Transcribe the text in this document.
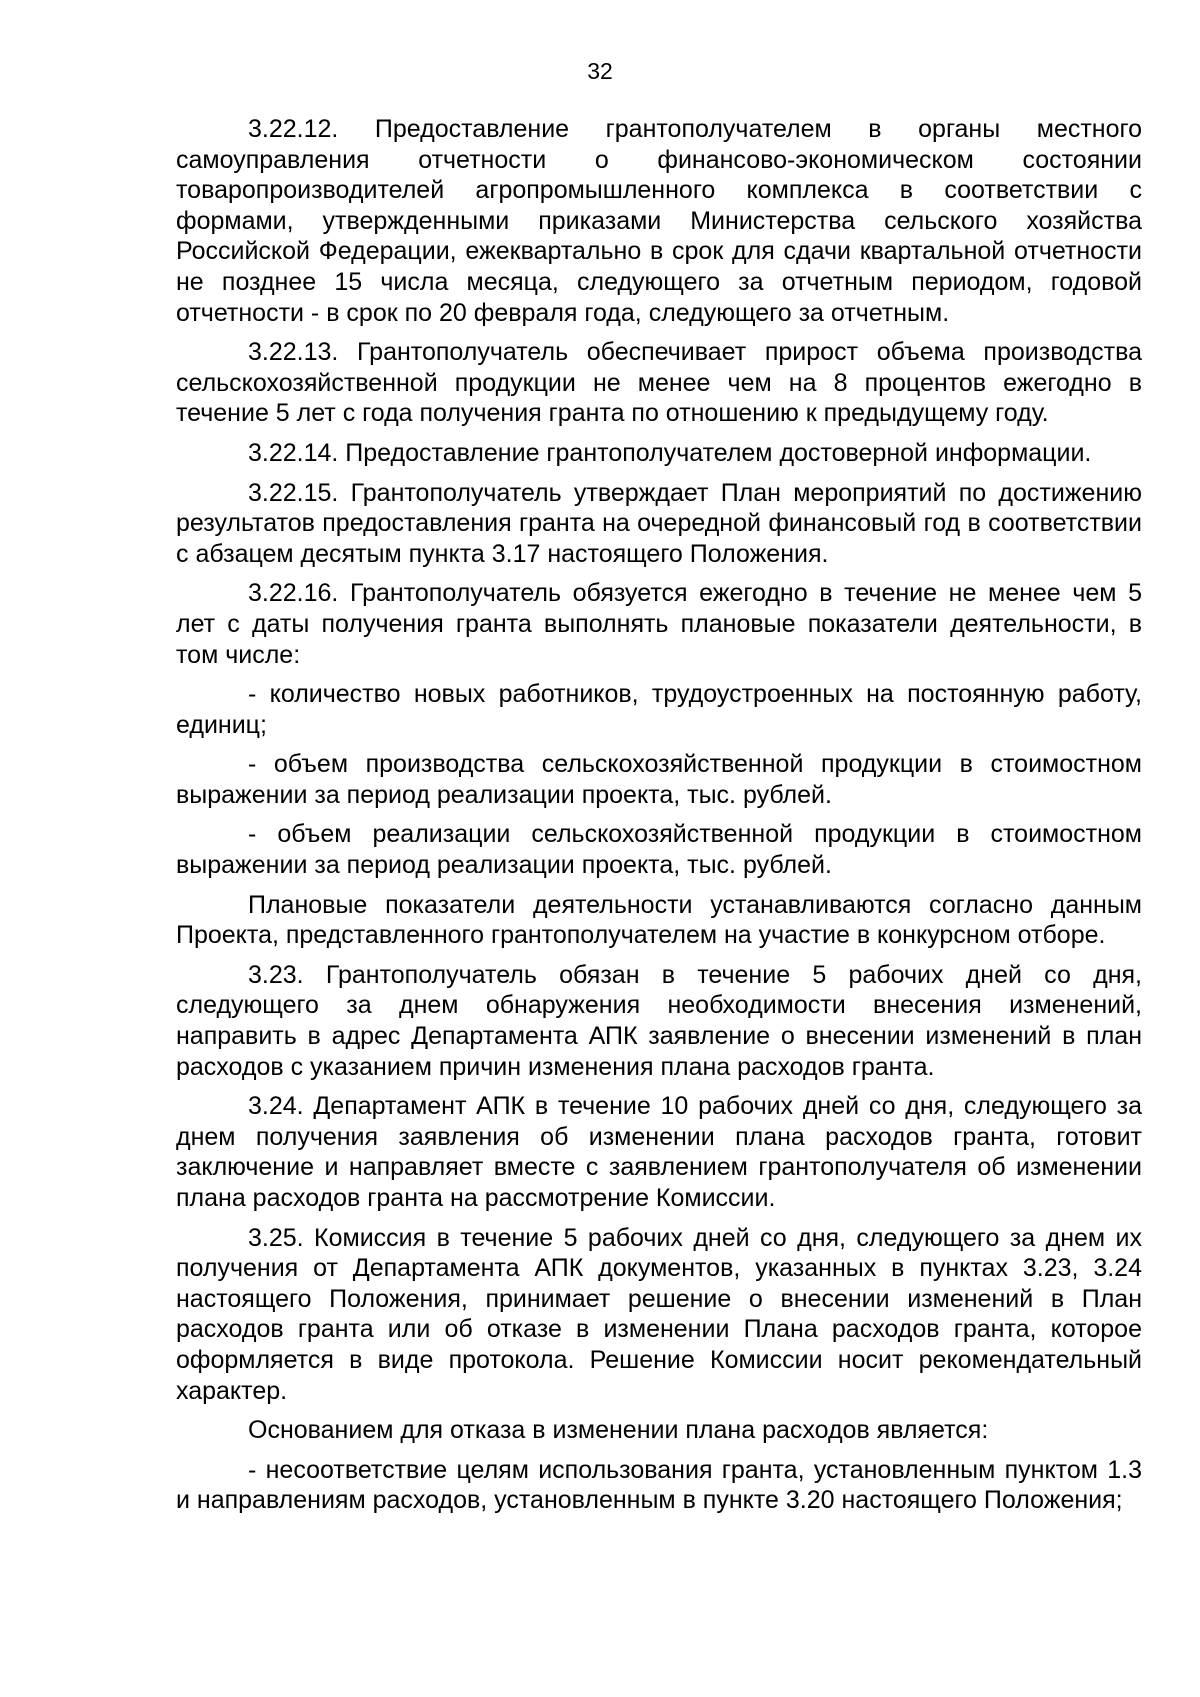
32

3.22.12. Предоставление грантополучателем в органы местного самоуправления отчетности о финансово-экономическом состоянии товаропроизводителей агропромышленного комплекса в соответствии с формами, утвержденными приказами Министерства сельского хозяйства Российской Федерации, ежеквартально в срок для сдачи квартальной отчетности не позднее 15 числа месяца, следующего за отчетным периодом, годовой отчетности - в срок по 20 февраля года, следующего за отчетным.

3.22.13. Грантополучатель обеспечивает прирост объема производства сельскохозяйственной продукции не менее чем на 8 процентов ежегодно в течение 5 лет с года получения гранта по отношению к предыдущему году.

3.22.14. Предоставление грантополучателем достоверной информации.

3.22.15. Грантополучатель утверждает План мероприятий по достижению результатов предоставления гранта на очередной финансовый год в соответствии с абзацем десятым пункта 3.17 настоящего Положения.

3.22.16. Грантополучатель обязуется ежегодно в течение не менее чем 5 лет с даты получения гранта выполнять плановые показатели деятельности, в том числе:

- количество новых работников, трудоустроенных на постоянную работу, единиц;

- объем производства сельскохозяйственной продукции в стоимостном выражении за период реализации проекта, тыс. рублей.

- объем реализации сельскохозяйственной продукции в стоимостном выражении за период реализации проекта, тыс. рублей.

Плановые показатели деятельности устанавливаются согласно данным Проекта, представленного грантополучателем на участие в конкурсном отборе.

3.23. Грантополучатель обязан в течение 5 рабочих дней со дня, следующего за днем обнаружения необходимости внесения изменений, направить в адрес Департамента АПК заявление о внесении изменений в план расходов с указанием причин изменения плана расходов гранта.

3.24. Департамент АПК в течение 10 рабочих дней со дня, следующего за днем получения заявления об изменении плана расходов гранта, готовит заключение и направляет вместе с заявлением грантополучателя об изменении плана расходов гранта на рассмотрение Комиссии.

3.25. Комиссия в течение 5 рабочих дней со дня, следующего за днем их получения от Департамента АПК документов, указанных в пунктах 3.23, 3.24 настоящего Положения, принимает решение о внесении изменений в План расходов гранта или об отказе в изменении Плана расходов гранта, которое оформляется в виде протокола. Решение Комиссии носит рекомендательный характер.

Основанием для отказа в изменении плана расходов является:

- несоответствие целям использования гранта, установленным пунктом 1.3 и направлениям расходов, установленным в пункте 3.20 настоящего Положения;
